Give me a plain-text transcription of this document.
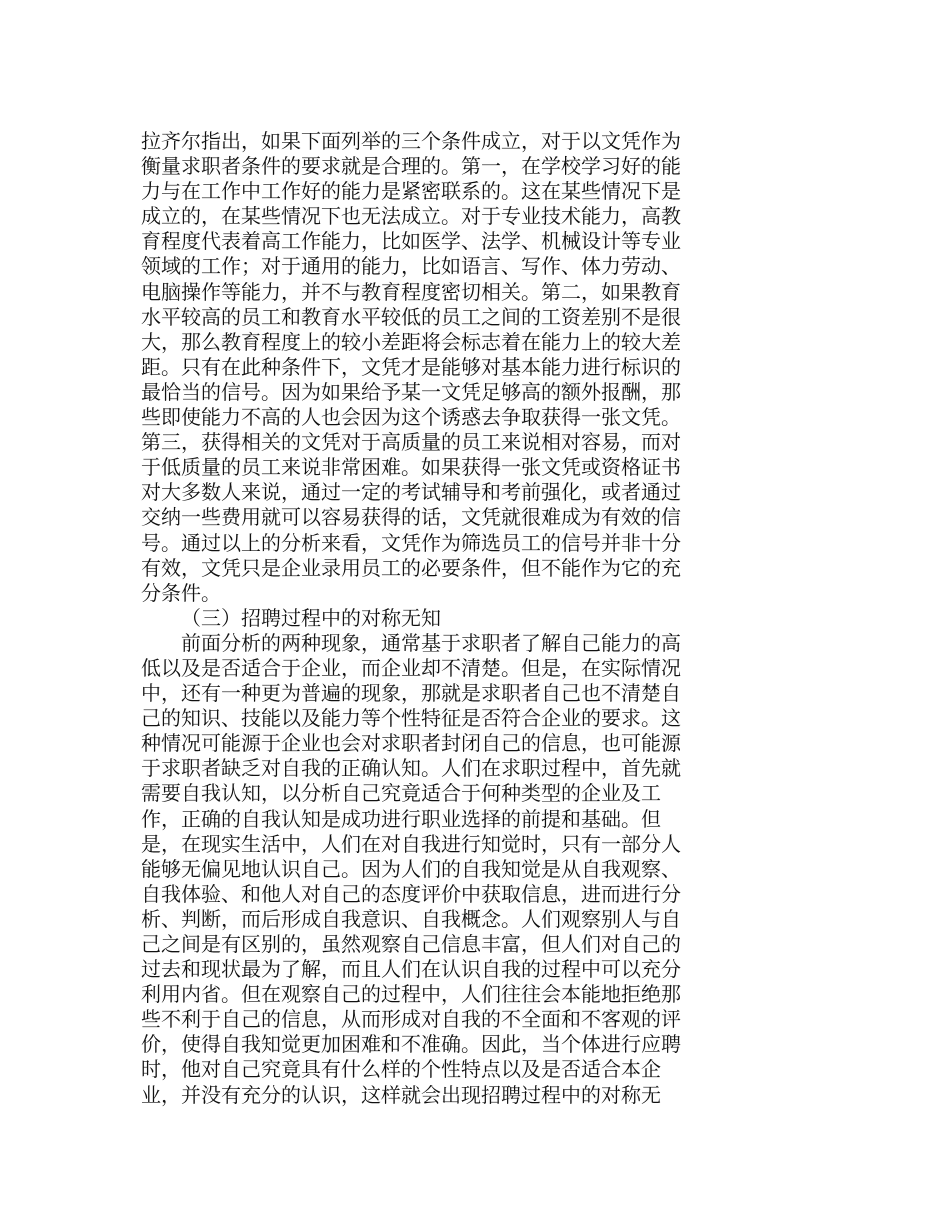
拉齐尔指出，如果下面列举的三个条件成立，对于以文凭作为
衡量求职者条件的要求就是合理的。第一，在学校学习好的能
力与在工作中工作好的能力是紧密联系的。这在某些情况下是
成立的，在某些情况下也无法成立。对于专业技术能力，高教
育程度代表着高工作能力，比如医学、法学、机械设计等专业
领域的工作；对于通用的能力，比如语言、写作、体力劳动、
电脑操作等能力，并不与教育程度密切相关。第二，如果教育
水平较高的员工和教育水平较低的员工之间的工资差别不是很
大，那么教育程度上的较小差距将会标志着在能力上的较大差
距。只有在此种条件下，文凭才是能够对基本能力进行标识的
最恰当的信号。因为如果给予某一文凭足够高的额外报酬，那
些即使能力不高的人也会因为这个诱惑去争取获得一张文凭。
第三，获得相关的文凭对于高质量的员工来说相对容易，而对
于低质量的员工来说非常困难。如果获得一张文凭或资格证书
对大多数人来说，通过一定的考试辅导和考前强化，或者通过
交纳一些费用就可以容易获得的话，文凭就很难成为有效的信
号。通过以上的分析来看，文凭作为筛选员工的信号并非十分
有效，文凭只是企业录用员工的必要条件，但不能作为它的充
分条件。
（三）招聘过程中的对称无知
前面分析的两种现象，通常基于求职者了解自己能力的高
低以及是否适合于企业，而企业却不清楚。但是，在实际情况
中，还有一种更为普遍的现象，那就是求职者自己也不清楚自
己的知识、技能以及能力等个性特征是否符合企业的要求。这
种情况可能源于企业也会对求职者封闭自己的信息，也可能源
于求职者缺乏对自我的正确认知。人们在求职过程中，首先就
需要自我认知，以分析自己究竟适合于何种类型的企业及工
作，正确的自我认知是成功进行职业选择的前提和基础。但
是，在现实生活中，人们在对自我进行知觉时，只有一部分人
能够无偏见地认识自己。因为人们的自我知觉是从自我观察、
自我体验、和他人对自己的态度评价中获取信息，进而进行分
析、判断，而后形成自我意识、自我概念。人们观察别人与自
己之间是有区别的，虽然观察自己信息丰富，但人们对自己的
过去和现状最为了解，而且人们在认识自我的过程中可以充分
利用内省。但在观察自己的过程中，人们往往会本能地拒绝那
些不利于自己的信息，从而形成对自我的不全面和不客观的评
价，使得自我知觉更加困难和不准确。因此，当个体进行应聘
时，他对自己究竟具有什么样的个性特点以及是否适合本企
业，并没有充分的认识，这样就会出现招聘过程中的对称无
